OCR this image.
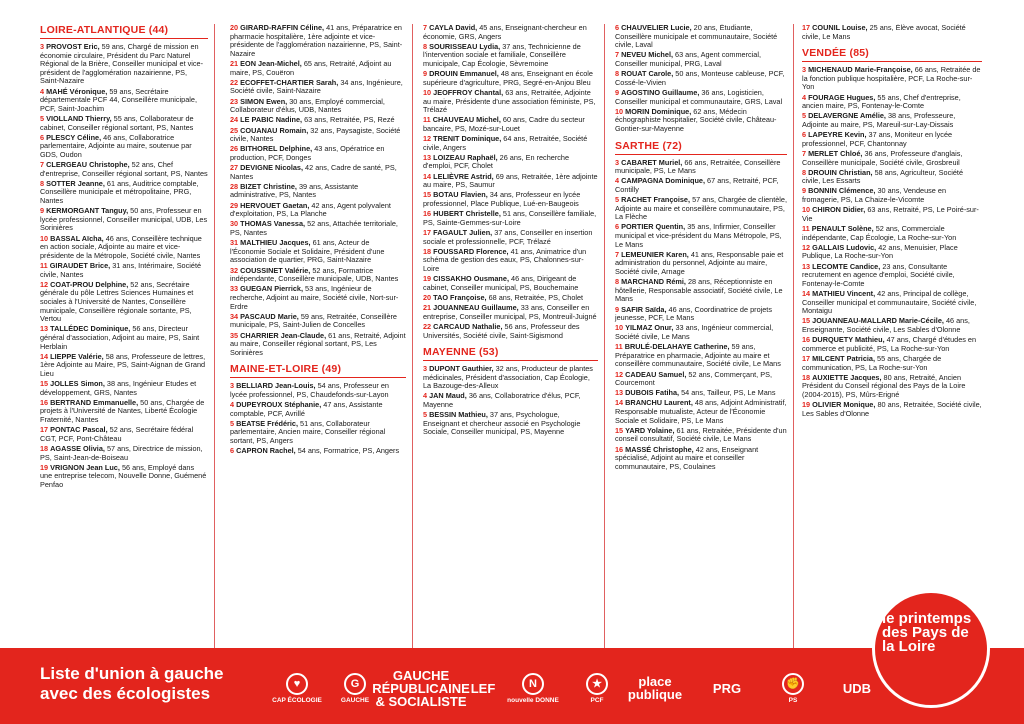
LOIRE-ATLANTIQUE (44)
3 PROVOST Eric, 59 ans, Chargé de mission en économie circulaire, Président du Parc Naturel Régional de la Brière, Conseiller municipal et vice-président de l'agglomération nazairienne, PS, Saint-Nazaire
4 MAHÉ Véronique, 59 ans, Secrétaire départementale PCF 44, Conseillère municipale, PCF, Saint-Joachim
5 VIOLLAND Thierry, 55 ans, Collaborateur de cabinet, Conseiller régional sortant, PS, Nantes
6 PLESCY Céline, 46 ans, Collaboratrice parlementaire, Adjointe au maire, soutenue par GDS, Oudon
7 CLERGEAU Christophe, 52 ans, Chef d'entreprise, Conseiller régional sortant, PS, Nantes
8 SOTTER Jeanne, 61 ans, Auditrice comptable, Conseillère municipale et métropolitaine, PRG, Nantes
9 KERMORGANT Tanguy, 50 ans, Professeur en lycée professionnel, Conseiller municipal, UDB, Les Sorinières
10 BASSAL Aïcha, 46 ans, Conseillère technique en action sociale, Adjointe au maire et vice-présidente de la Métropole, Société civile, Nantes
11 GIRAUDET Brice, 31 ans, Intérimaire, Société civile, Nantes
12 COAT-PROU Delphine, 52 ans, Secrétaire générale du pôle Lettres Sciences Humaines et sociales à l'Université de Nantes, Conseillère municipale, Conseillère régionale sortante, PS, Vertou
13 TALLÉDEC Dominique, 56 ans, Directeur général d'association, Adjoint au maire, PS, Saint Herblain
14 LIEPPE Valérie, 58 ans, Professeure de lettres, 1ère Adjointe au Maire, PS, Saint-Aignan de Grand Lieu
15 JOLLES Simon, 38 ans, Ingénieur Etudes et développement, GRS, Nantes
16 BERTRAND Emmanuelle, 50 ans, Chargée de projets à l'Université de Nantes, Liberté Écologie Fraternité, Nantes
17 PONTAC Pascal, 52 ans, Secrétaire fédéral CGT, PCF, Pont-Château
18 AGASSE Olivia, 57 ans, Directrice de mission, PS, Saint-Jean-de-Boiseau
19 VRIGNON Jean Luc, 56 ans, Employé dans une entreprise telecom, Nouvelle Donne, Guémené Penfao
20 GIRARD-RAFFIN Céline, 41 ans, Préparatrice en pharmacie hospitalière, 1ère adjointe et vice-présidente de l'agglomération nazairienne, PS, Saint-Nazaire
21 EON Jean-Michel, 65 ans, Retraité, Adjoint au maire, PS, Couëron
22 ECOFFET-CHARTIER Sarah, 34 ans, Ingénieure, Société civile, Saint-Nazaire
23 SIMON Ewen, 30 ans, Employé commercial, Collaborateur d'élus, UDB, Nantes
24 LE PABIC Nadine, 63 ans, Retraitée, PS, Rezé
25 COUANAU Romain, 32 ans, Paysagiste, Société civile, Nantes
26 BITHOREL Delphine, 43 ans, Opératrice en production, PCF, Donges
27 DEVIGNE Nicolas, 42 ans, Cadre de santé, PS, Nantes
28 BIZET Christine, 39 ans, Assistante administrative, PS, Nantes
29 HERVOUET Gaetan, 42 ans, Agent polyvalent d'exploitation, PS, La Planche
30 THOMAS Vanessa, 52 ans, Attachée territoriale, PS, Nantes
31 MALTHIEU Jacques, 61 ans, Acteur de l'Économie Sociale et Solidaire, Président d'une association de quartier, PRG, Saint-Nazaire
32 COUSSINET Valérie, 52 ans, Formatrice indépendante, Conseillère municipale, UDB, Nantes
33 GUEGAN Pierrick, 53 ans, Ingénieur de recherche, Adjoint au maire, Société civile, Nort-sur-Erdre
34 PASCAUD Marie, 59 ans, Retraitée, Conseillère municipale, PS, Saint-Julien de Concelles
35 CHARRIER Jean-Claude, 61 ans, Retraité, Adjoint au maire, Conseiller régional sortant, PS, Les Sorinières
MAINE-ET-LOIRE (49)
3 BELLIARD Jean-Louis, 54 ans, Professeur en lycée professionnel, PS, Chaudefonds-sur-Layon
4 DUPEYROUX Stéphanie, 47 ans, Assistante comptable, PCF, Avrillé
5 BEATSE Frédéric, 51 ans, Collaborateur parlementaire, Ancien maire, Conseiller régional sortant, PS, Angers
6 CAPRON Rachel, 54 ans, Formatrice, PS, Angers
7 CAYLA David, 45 ans, Enseignant-chercheur en économie, GRS, Angers
8 SOURISSEAU Lydia, 37 ans, Technicienne de l'intervention sociale et familiale, Conseillère municipale, Cap Écologie, Sèvremoine
9 DROUIN Emmanuel, 48 ans, Enseignant en école supérieure d'agriculture, PRG, Segré-en-Anjou Bleu
10 JEOFFROY Chantal, 63 ans, Retraitée, Adjointe au maire, Présidente d'une association féministe, PS, Trélazé
11 CHAUVEAU Michel, 60 ans, Cadre du secteur bancaire, PS, Mozé-sur-Louet
12 TRENIT Dominique, 64 ans, Retraitée, Société civile, Angers
13 LOIZEAU Raphaël, 26 ans, En recherche d'emploi, PCF, Cholet
14 LELIÈVRE Astrid, 69 ans, Retraitée, 1ère adjointe au maire, PS, Saumur
15 BOTAU Flavien, 34 ans, Professeur en lycée professionnel, Place Publique, Lué-en-Baugeois
16 HUBERT Christelle, 51 ans, Conseillère familiale, PS, Sainte-Gemmes-sur-Loire
17 FAGAULT Julien, 37 ans, Conseiller en insertion sociale et professionnelle, PCF, Trélazé
18 FOUSSARD Florence, 41 ans, Animatrice d'un schéma de gestion des eaux, PS, Chalonnes-sur-Loire
19 CISSAKHO Ousmane, 46 ans, Dirigeant de cabinet, Conseiller municipal, PS, Bouchemaine
20 TAO Françoise, 68 ans, Retraitée, PS, Cholet
21 JOUANNEAU Guillaume, 33 ans, Conseiller en entreprise, Conseiller municipal, PS, Montreuil-Juigné
22 CARCAUD Nathalie, 56 ans, Professeur des Universités, Société civile, Saint-Sigismond
MAYENNE (53)
3 DUPONT Gauthier, 32 ans, Producteur de plantes médicinales, Président d'association, Cap Écologie, La Bazouge-des-Alleux
4 JAN Maud, 36 ans, Collaboratrice d'élus, PCF, Mayenne
5 BESSIN Mathieu, 37 ans, Psychologue, Enseignant et chercheur associé en Psychologie Sociale, Conseiller municipal, PS, Mayenne
6 CHAUVELIER Lucie, 20 ans, Étudiante, Conseillère municipale et communautaire, Société civile, Laval
7 NEVEU Michel, 63 ans, Agent commercial, Conseiller municipal, PRG, Laval
8 ROUAT Carole, 50 ans, Monteuse cableuse, PCF, Cossé-le-Vivien
9 AGOSTINO Guillaume, 36 ans, Logisticien, Conseiller municipal et communautaire, GRS, Laval
10 MORIN Dominique, 62 ans, Médecin échographiste hospitalier, Société civile, Château-Gontier-sur-Mayenne
SARTHE (72)
3 CABARET Muriel, 66 ans, Retraitée, Conseillère municipale, PS, Le Mans
4 CAMPAGNA Dominique, 67 ans, Retraité, PCF, Contilly
5 RACHET Françoise, 57 ans, Chargée de clientèle, Adjointe au maire et conseillère communautaire, PS, La Flèche
6 PORTIER Quentin, 35 ans, Infirmier, Conseiller municipal et vice-président du Mans Métropole, PS, Le Mans
7 LEMEUNIER Karen, 41 ans, Responsable paie et administration du personnel, Adjointe au maire, Société civile, Arnage
8 MARCHAND Rémi, 28 ans, Réceptionniste en hôtellerie, Responsable associatif, Société civile, Le Mans
9 SAFIR Saïda, 46 ans, Coordinatrice de projets jeunesse, PCF, Le Mans
10 YILMAZ Onur, 33 ans, Ingénieur commercial, Société civile, Le Mans
11 BRULÉ-DELAHAYE Catherine, 59 ans, Préparatrice en pharmacie, Adjointe au maire et conseillère communautaire, Société civile, Le Mans
12 CADEAU Samuel, 52 ans, Commerçant, PS, Courcemont
13 DUBOIS Fatiha, 54 ans, Tailleur, PS, Le Mans
14 BRANCHU Laurent, 48 ans, Adjoint Administratif, Responsable mutualiste, Acteur de l'Économie Sociale et Solidaire, PS, Le Mans
15 YARD Yolaine, 61 ans, Retraitée, Présidente d'un conseil consultatif, Société civile, Le Mans
16 MASSÉ Christophe, 42 ans, Enseignant spécialisé, Adjoint au maire et conseiller communautaire, PS, Coulaines
17 COUNIL Louise, 25 ans, Élève avocat, Société civile, Le Mans
VENDÉE (85)
3 MICHENAUD Marie-Françoise, 66 ans, Retraitée de la fonction publique hospitalière, PCF, La Roche-sur-Yon
4 FOURAGE Hugues, 55 ans, Chef d'entreprise, ancien maire, PS, Fontenay-le-Comte
5 DELAVERGNE Amélie, 38 ans, Professeure, Adjointe au maire, PS, Mareuil-sur-Lay-Dissais
6 LAPEYRE Kevin, 37 ans, Moniteur en lycée professionnel, PCF, Chantonnay
7 MERLET Chloé, 36 ans, Professeure d'anglais, Conseillère municipale, Société civile, Grosbreuil
8 DROUIN Christian, 58 ans, Agriculteur, Société civile, Les Essarts
9 BONNIN Clémence, 30 ans, Vendeuse en fromagerie, PS, La Chaize-le-Vicomte
10 CHIRON Didier, 63 ans, Retraité, PS, Le Poiré-sur-Vie
11 PENAULT Solène, 52 ans, Commerciale indépendante, Cap Écologie, La Roche-sur-Yon
12 GALLAIS Ludovic, 42 ans, Menuisier, Place Publique, La Roche-sur-Yon
13 LECOMTE Candice, 23 ans, Consultante recrutement en agence d'emploi, Société civile, Fontenay-le-Comte
14 MATHIEU Vincent, 42 ans, Principal de collège, Conseiller municipal et communautaire, Société civile, Montaigu
15 JOUANNEAU-MALLARD Marie-Cécile, 46 ans, Enseignante, Société civile, Les Sables d'Olonne
16 DURQUETY Mathieu, 47 ans, Chargé d'études en commerce et publicité, PS, La Roche-sur-Yon
17 MILCENT Patricia, 55 ans, Chargée de communication, PS, La Roche-sur-Yon
18 AUXIETTE Jacques, 80 ans, Retraité, Ancien Président du Conseil régional des Pays de la Loire (2004-2015), PS, Mûrs-Erigné
19 OLIVIER Monique, 80 ans, Retraitée, Société civile, Les Sables d'Olonne
Liste d'union à gauche
avec des écologistes
♥
CAP ÉCOLOGIE
G
GAUCHE
GAUCHE RÉPUBLICAINE & SOCIALISTE
LEF	N
nouvelle DONNE
★
PCF
place publique PRG	✊
PS
UDB
le printemps des Pays de la Loire
